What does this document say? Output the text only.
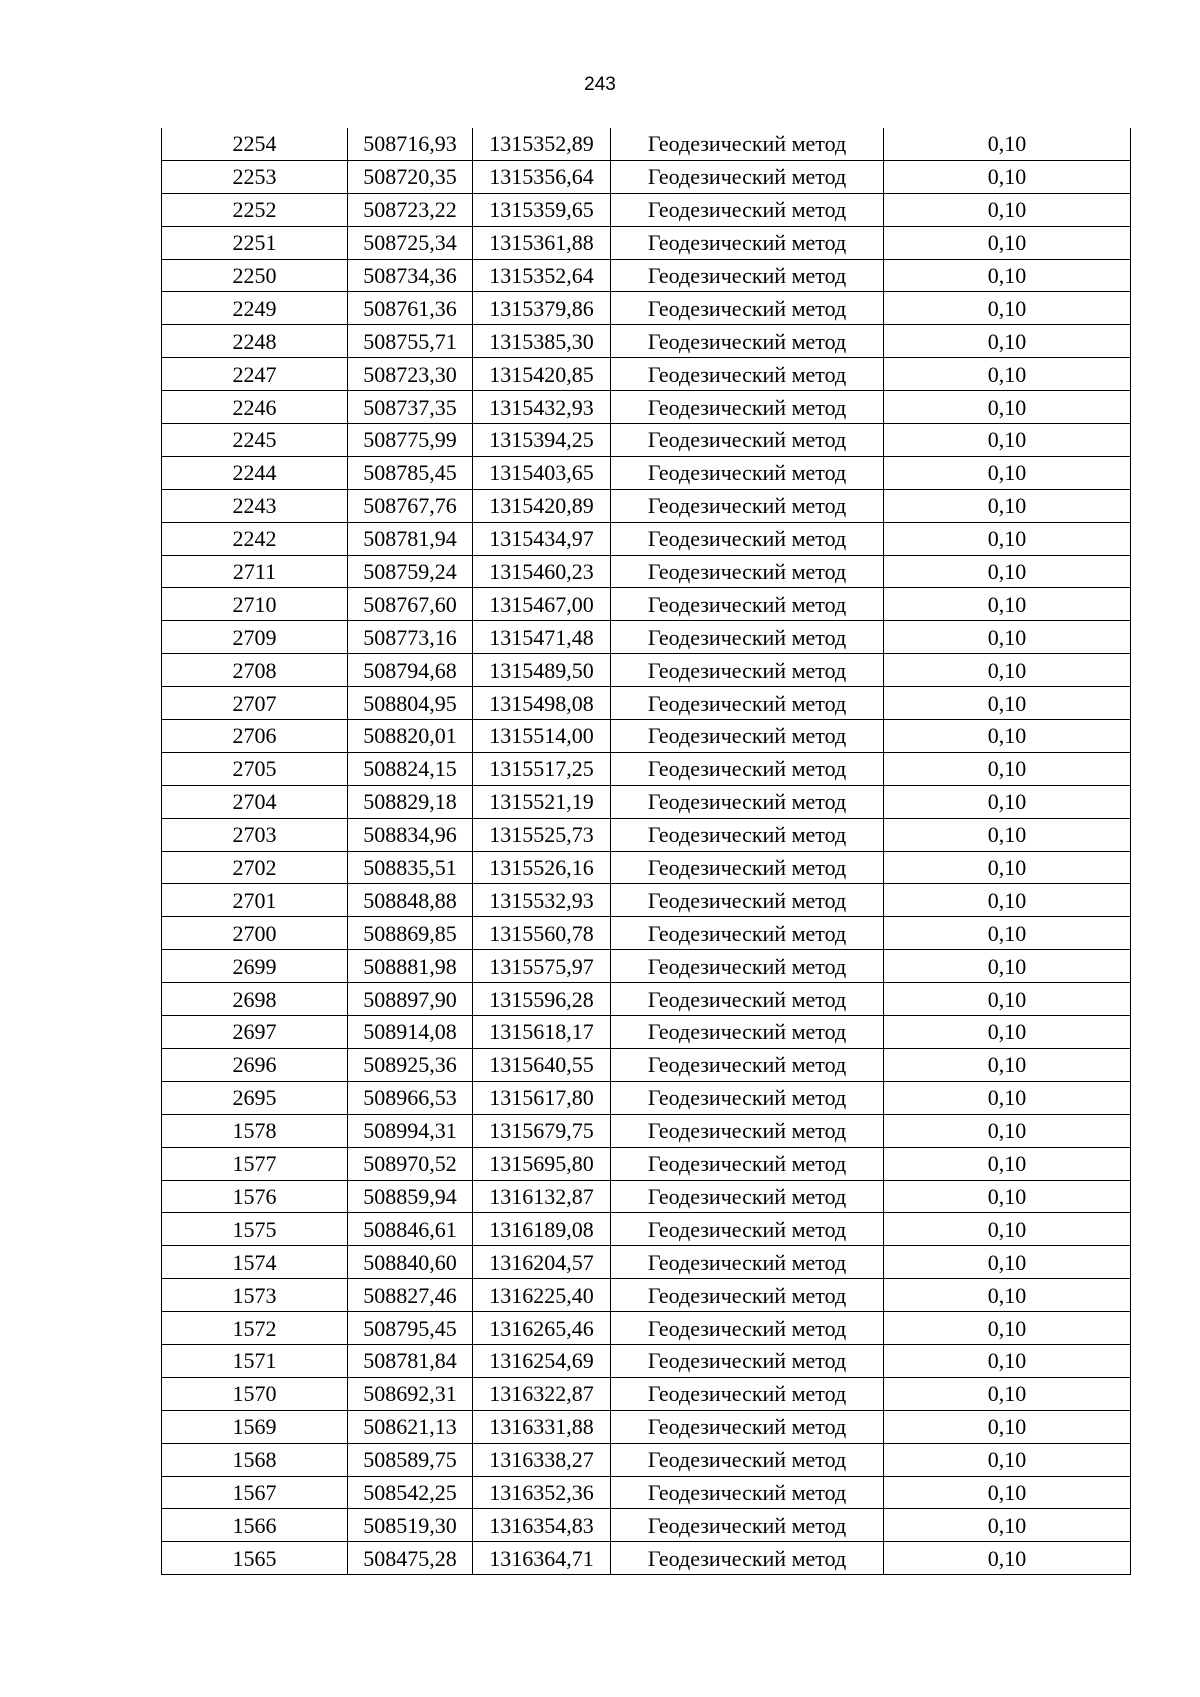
243
2254	508716,93	1315352,89	Геодезический метод	0,10
2253	508720,35	1315356,64	Геодезический метод	0,10
2252	508723,22	1315359,65	Геодезический метод	0,10
2251	508725,34	1315361,88	Геодезический метод	0,10
2250	508734,36	1315352,64	Геодезический метод	0,10
2249	508761,36	1315379,86	Геодезический метод	0,10
2248	508755,71	1315385,30	Геодезический метод	0,10
2247	508723,30	1315420,85	Геодезический метод	0,10
2246	508737,35	1315432,93	Геодезический метод	0,10
2245	508775,99	1315394,25	Геодезический метод	0,10
2244	508785,45	1315403,65	Геодезический метод	0,10
2243	508767,76	1315420,89	Геодезический метод	0,10
2242	508781,94	1315434,97	Геодезический метод	0,10
2711	508759,24	1315460,23	Геодезический метод	0,10
2710	508767,60	1315467,00	Геодезический метод	0,10
2709	508773,16	1315471,48	Геодезический метод	0,10
2708	508794,68	1315489,50	Геодезический метод	0,10
2707	508804,95	1315498,08	Геодезический метод	0,10
2706	508820,01	1315514,00	Геодезический метод	0,10
2705	508824,15	1315517,25	Геодезический метод	0,10
2704	508829,18	1315521,19	Геодезический метод	0,10
2703	508834,96	1315525,73	Геодезический метод	0,10
2702	508835,51	1315526,16	Геодезический метод	0,10
2701	508848,88	1315532,93	Геодезический метод	0,10
2700	508869,85	1315560,78	Геодезический метод	0,10
2699	508881,98	1315575,97	Геодезический метод	0,10
2698	508897,90	1315596,28	Геодезический метод	0,10
2697	508914,08	1315618,17	Геодезический метод	0,10
2696	508925,36	1315640,55	Геодезический метод	0,10
2695	508966,53	1315617,80	Геодезический метод	0,10
1578	508994,31	1315679,75	Геодезический метод	0,10
1577	508970,52	1315695,80	Геодезический метод	0,10
1576	508859,94	1316132,87	Геодезический метод	0,10
1575	508846,61	1316189,08	Геодезический метод	0,10
1574	508840,60	1316204,57	Геодезический метод	0,10
1573	508827,46	1316225,40	Геодезический метод	0,10
1572	508795,45	1316265,46	Геодезический метод	0,10
1571	508781,84	1316254,69	Геодезический метод	0,10
1570	508692,31	1316322,87	Геодезический метод	0,10
1569	508621,13	1316331,88	Геодезический метод	0,10
1568	508589,75	1316338,27	Геодезический метод	0,10
1567	508542,25	1316352,36	Геодезический метод	0,10
1566	508519,30	1316354,83	Геодезический метод	0,10
1565	508475,28	1316364,71	Геодезический метод	0,10
